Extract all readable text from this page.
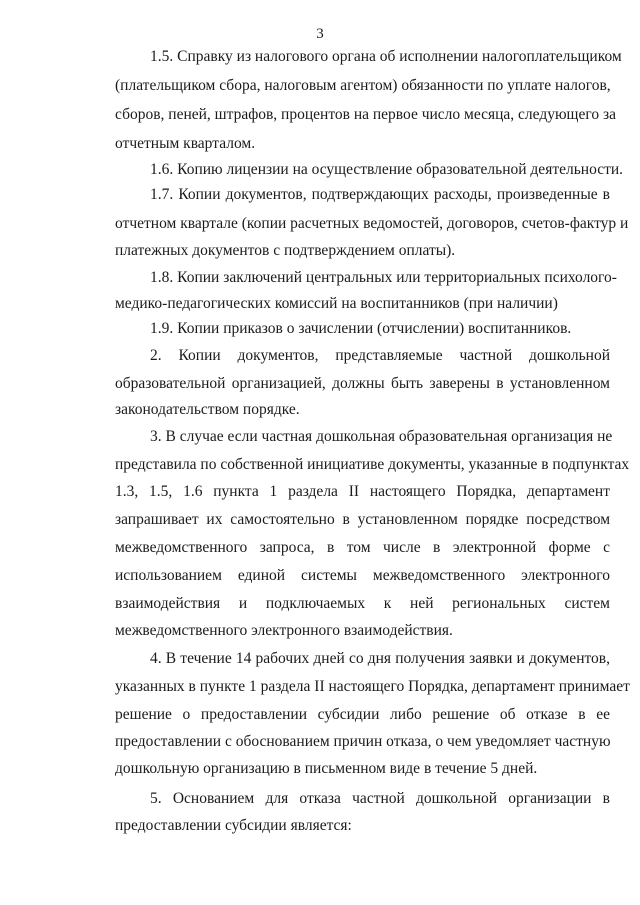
3
1.5. Справку из налогового органа об исполнении налогоплательщиком
(плательщиком сбора, налоговым агентом) обязанности по уплате налогов,
сборов, пеней, штрафов, процентов на первое число месяца, следующего за
отчетным кварталом.
1.6. Копию лицензии на осуществление образовательной деятельности.
1.7. Копии документов, подтверждающих расходы, произведенные в
отчетном квартале (копии расчетных ведомостей, договоров, счетов-фактур и
платежных документов с подтверждением оплаты).
1.8. Копии заключений центральных или территориальных психолого-
медико-педагогических комиссий на воспитанников (при наличии)
1.9. Копии приказов о зачислении (отчислении) воспитанников.
2. Копии документов, представляемые частной дошкольной
образовательной организацией, должны быть заверены в установленном
законодательством порядке.
3. В случае если частная дошкольная образовательная организация не
представила по собственной инициативе документы, указанные в подпунктах
1.3, 1.5, 1.6 пункта 1 раздела II настоящего Порядка, департамент
запрашивает их самостоятельно в установленном порядке посредством
межведомственного запроса, в том числе в электронной форме с
использованием единой системы межведомственного электронного
взаимодействия и подключаемых к ней региональных систем
межведомственного электронного взаимодействия.
4. В течение 14 рабочих дней со дня получения заявки и документов,
указанных в пункте 1 раздела II настоящего Порядка, департамент принимает
решение о предоставлении субсидии либо решение об отказе в ее
предоставлении с обоснованием причин отказа, о чем уведомляет частную
дошкольную организацию в письменном виде в течение 5 дней.
5. Основанием для отказа частной дошкольной организации в
предоставлении субсидии является:
